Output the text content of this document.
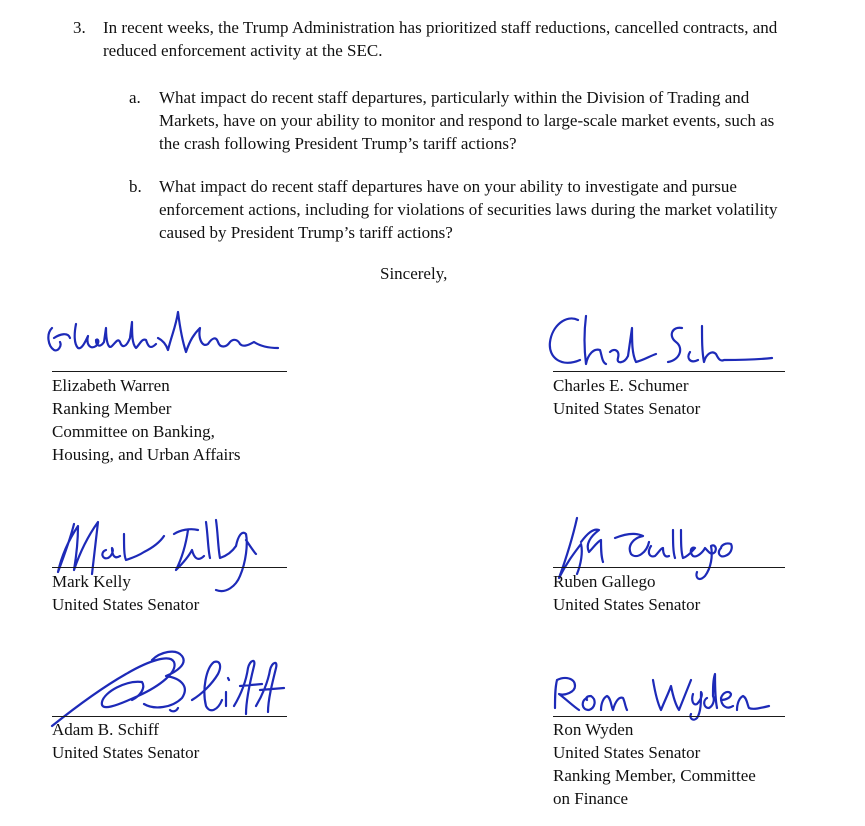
3.	In recent weeks, the Trump Administration has prioritized staff reductions, cancelled contracts, and reduced enforcement activity at the SEC.
a.	What impact do recent staff departures, particularly within the Division of Trading and Markets, have on your ability to monitor and respond to large-scale market events, such as the crash following President Trump’s tariff actions?
b.	What impact do recent staff departures have on your ability to investigate and pursue enforcement actions, including for violations of securities laws during the market volatility caused by President Trump’s tariff actions?
Sincerely,
Elizabeth Warren
Ranking Member
Committee on Banking,
Housing, and Urban Affairs
Charles E. Schumer
United States Senator
Mark Kelly
United States Senator
Ruben Gallego
United States Senator
Adam B. Schiff
United States Senator
Ron Wyden
United States Senator
Ranking Member, Committee
on Finance
